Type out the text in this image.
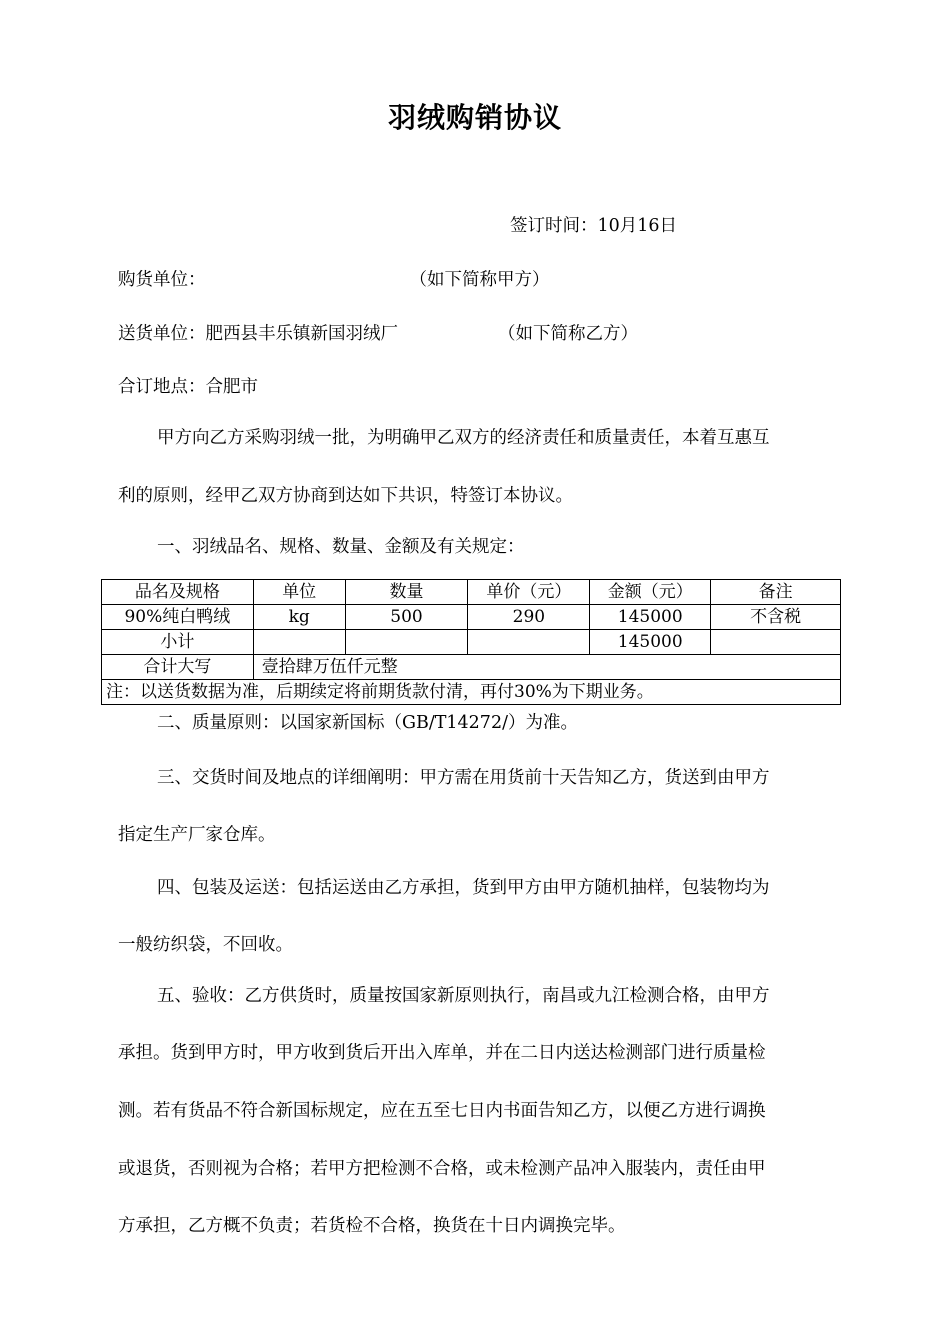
羽绒购销协议
签订时间：10月16日
购货单位：	（如下简称甲方）
送货单位：肥西县丰乐镇新国羽绒厂	（如下简称乙方）
合订地点：合肥市
甲方向乙方采购羽绒一批，为明确甲乙双方的经济责任和质量责任，本着互惠互
利的原则，经甲乙双方协商到达如下共识，特签订本协议。
一、羽绒品名、规格、数量、金额及有关规定：
品名及规格	单位	数量	单价（元）	金额（元）	备注
90%纯白鸭绒	kg	500	290	145000	不含税
小计				145000	
合计大写	壹拾肆万伍仟元整				
注：以送货数据为准，后期续定将前期货款付清，再付30%为下期业务。					
二、质量原则：以国家新国标（GB/T14272/）为准。
三、交货时间及地点的详细阐明：甲方需在用货前十天告知乙方，货送到由甲方
指定生产厂家仓库。
四、包装及运送：包括运送由乙方承担，货到甲方由甲方随机抽样，包装物均为
一般纺织袋，不回收。
五、验收：乙方供货时，质量按国家新原则执行，南昌或九江检测合格，由甲方
承担。货到甲方时，甲方收到货后开出入库单，并在二日内送达检测部门进行质量检
测。若有货品不符合新国标规定，应在五至七日内书面告知乙方，以便乙方进行调换
或退货，否则视为合格；若甲方把检测不合格，或未检测产品冲入服装内，责任由甲
方承担，乙方概不负责；若货检不合格，换货在十日内调换完毕。
